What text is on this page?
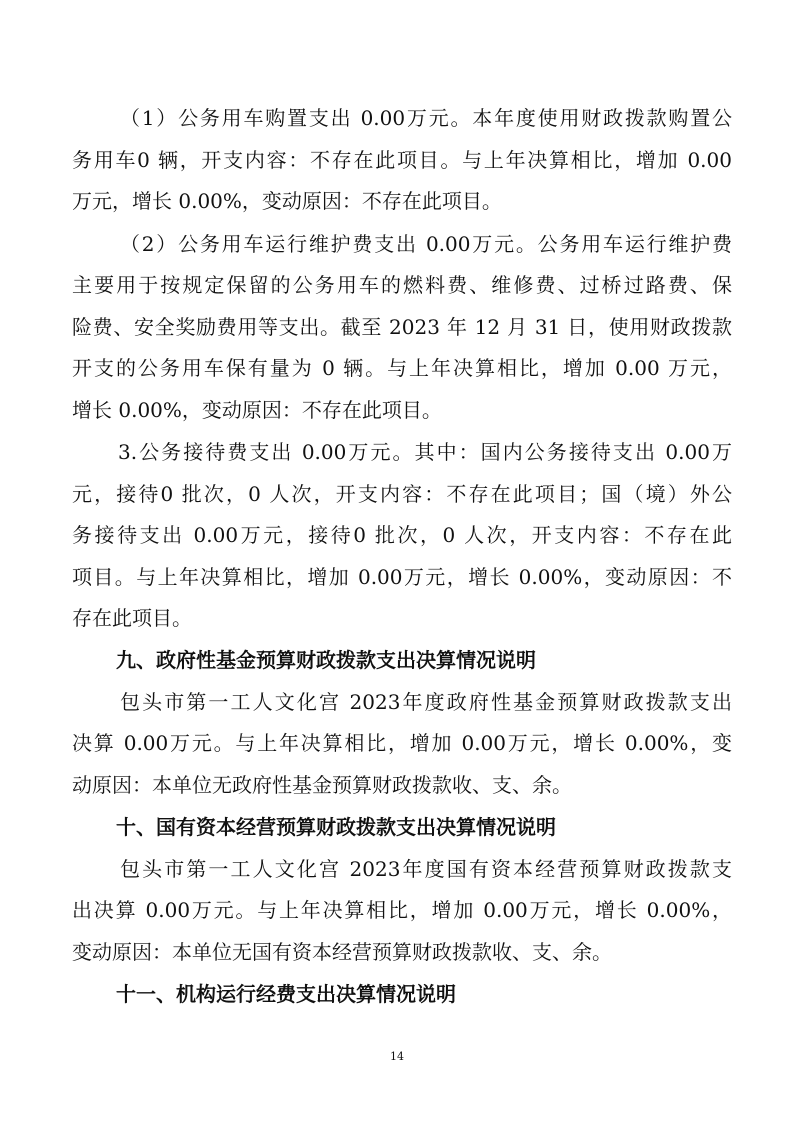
（1）公务用车购置支出 0.00万元。本年度使用财政拨款购置公
务用车0 辆，开支内容：不存在此项目。与上年决算相比，增加 0.00
万元，增长 0.00%，变动原因：不存在此项目。
（2）公务用车运行维护费支出 0.00万元。公务用车运行维护费
主要用于按规定保留的公务用车的燃料费、维修费、过桥过路费、保
险费、安全奖励费用等支出。截至 2023 年 12 月 31 日，使用财政拨款
开支的公务用车保有量为 0 辆。与上年决算相比，增加 0.00 万元，
增长 0.00%，变动原因：不存在此项目。
3.公务接待费支出 0.00万元。其中：国内公务接待支出 0.00万
元，接待0 批次，0 人次，开支内容：不存在此项目；国（境）外公
务接待支出 0.00万元，接待0 批次，0 人次，开支内容：不存在此
项目。与上年决算相比，增加 0.00万元，增长 0.00%，变动原因：不
存在此项目。
九、政府性基金预算财政拨款支出决算情况说明
包头市第一工人文化宫 2023年度政府性基金预算财政拨款支出
决算 0.00万元。与上年决算相比，增加 0.00万元，增长 0.00%，变
动原因：本单位无政府性基金预算财政拨款收、支、余。
十、国有资本经营预算财政拨款支出决算情况说明
包头市第一工人文化宫 2023年度国有资本经营预算财政拨款支
出决算 0.00万元。与上年决算相比，增加 0.00万元，增长 0.00%，
变动原因：本单位无国有资本经营预算财政拨款收、支、余。
十一、机构运行经费支出决算情况说明
14
